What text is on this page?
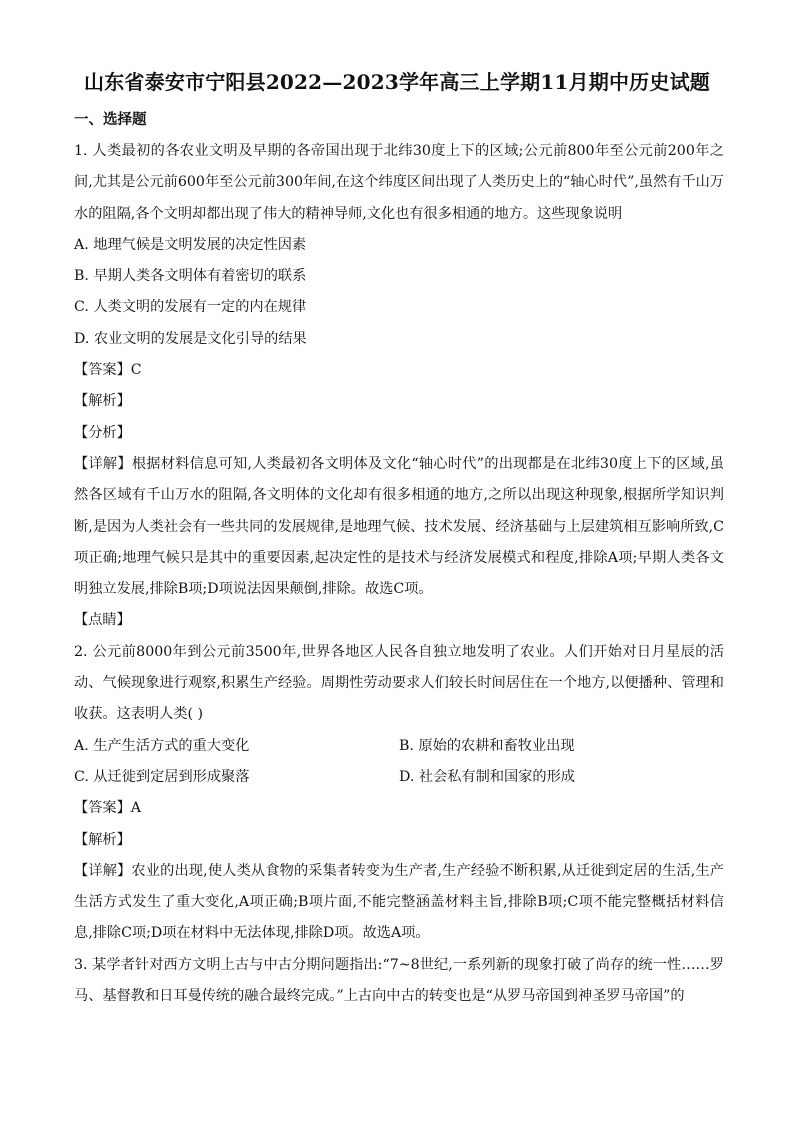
山东省泰安市宁阳县2022—2023学年高三上学期11月期中历史试题
一、选择题

1. 人类最初的各农业文明及早期的各帝国出现于北纬30度上下的区域;公元前800年至公元前200年之间,尤其是公元前600年至公元前300年间,在这个纬度区间出现了人类历史上的“轴心时代”,虽然有千山万水的阻隔,各个文明却都出现了伟大的精神导师,文化也有很多相通的地方。这些现象说明

A. 地理气候是文明发展的决定性因素

B. 早期人类各文明体有着密切的联系

C. 人类文明的发展有一定的内在规律

D. 农业文明的发展是文化引导的结果

【答案】C

【解析】

【分析】

【详解】根据材料信息可知,人类最初各文明体及文化“轴心时代”的出现都是在北纬30度上下的区域,虽然各区域有千山万水的阻隔,各文明体的文化却有很多相通的地方,之所以出现这种现象,根据所学知识判断,是因为人类社会有一些共同的发展规律,是地理气候、技术发展、经济基础与上层建筑相互影响所致,C项正确;地理气候只是其中的重要因素,起决定性的是技术与经济发展模式和程度,排除A项;早期人类各文明独立发展,排除B项;D项说法因果颠倒,排除。故选C项。

【点睛】

2. 公元前8000年到公元前3500年,世界各地区人民各自独立地发明了农业。人们开始对日月星辰的活动、气候现象进行观察,积累生产经验。周期性劳动要求人们较长时间居住在一个地方,以便播种、管理和收获。这表明人类( )

A. 生产生活方式的重大变化	B. 原始的农耕和畜牧业出现
C. 从迁徙到定居到形成聚落	D. 社会私有制和国家的形成

【答案】A

【解析】

【详解】农业的出现,使人类从食物的采集者转变为生产者,生产经验不断积累,从迁徙到定居的生活,生产生活方式发生了重大变化,A项正确;B项片面,不能完整涵盖材料主旨,排除B项;C项不能完整概括材料信息,排除C项;D项在材料中无法体现,排除D项。故选A项。

3. 某学者针对西方文明上古与中古分期问题指出:“7~8世纪,一系列新的现象打破了尚存的统一性……罗马、基督教和日耳曼传统的融合最终完成。”上古向中古的转变也是“从罗马帝国到神圣罗马帝国”的
